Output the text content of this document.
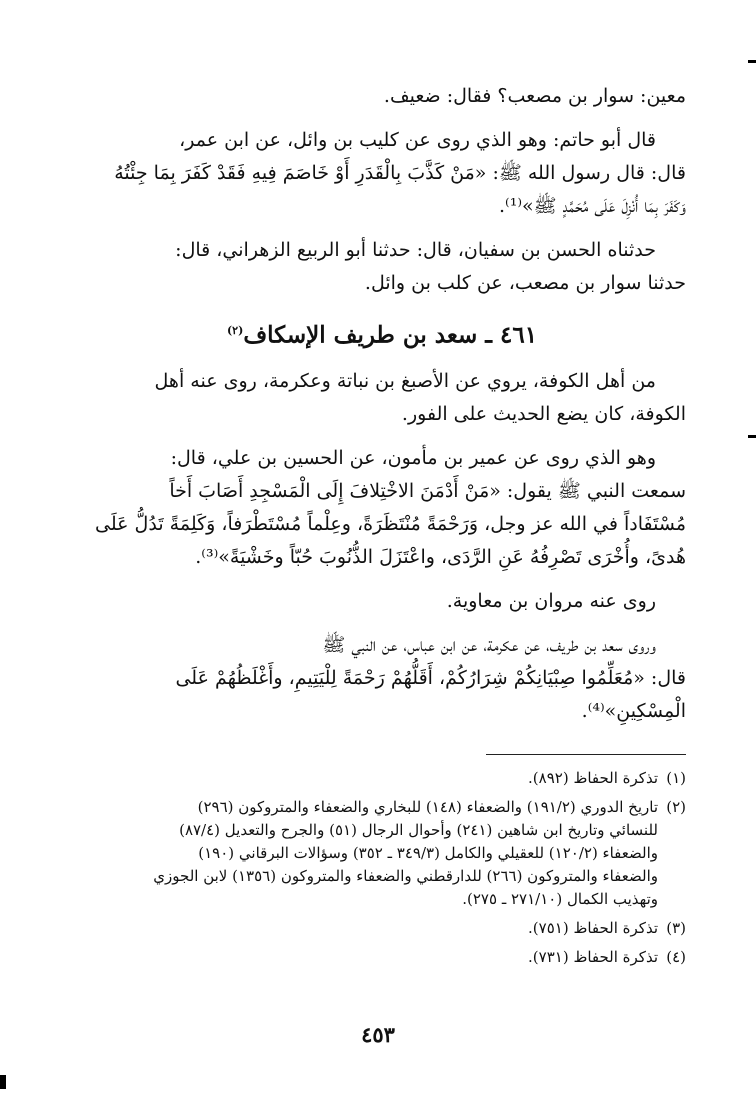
معين: سوار بن مصعب؟ فقال: ضعيف.
قال أبو حاتم: وهو الذي روى عن كليب بن وائل، عن ابن عمر،
قال: قال رسول الله ﷺ: «مَنْ كَذَّبَ بِالْقَدَرِ أَوْ خَاصَمَ فِيهِ فَقَدْ كَفَرَ بِمَا جِئْتُهُ
وَكَفَرَ بِمَا أُنْزِلَ عَلَى مُحَمَّدٍ ﷺ»⁽¹⁾.
حدثناه الحسن بن سفيان، قال: حدثنا أبو الربيع الزهراني، قال:
حدثنا سوار بن مصعب، عن كلب بن وائل.
٤٦١ ـ سعد بن طريف الإسكاف$^{(٢)}$
من أهل الكوفة، يروي عن الأصبغ بن نباتة وعكرمة، روى عنه أهل
الكوفة، كان يضع الحديث على الفور.
وهو الذي روى عن عمير بن مأمون، عن الحسين بن علي، قال:
سمعت النبي ﷺ يقول: «مَنْ أَدْمَنَ الاخْتِلافَ إِلَى الْمَسْجِدِ أَصَابَ أَخاً
مُسْتَفَاداً في الله عز وجل، وَرَحْمَةً مُنْتَظَرَةً، وعِلْماً مُسْتَطْرَفاً، وَكَلِمَةً تَدُلُّ عَلَى
هُدىً، وأُخْرَى تَصْرِفُهُ عَنِ الرَّدَى، واعْتَزَلَ الذُّنُوبَ حُبّاً وخَشْيَةً»⁽³⁾.
روى عنه مروان بن معاوية.
وروى سعد بن طريف، عن عكرمة، عن ابن عباس، عن النبي ﷺ
قال: «مُعَلِّمُوا صِبْيَانِكُمْ شِرَارُكُمْ، أَقَلُّهُمْ رَحْمَةً لِلْيَتِيمِ، وأَغْلَظُهُمْ عَلَى
الْمِسْكِينِ»⁽⁴⁾.
(١)
تذكرة الحفاظ (٨٩٢).
(٢)
تاريخ الدوري (١٩١/٢) والضعفاء (١٤٨) للبخاري والضعفاء والمتروكون (٢٩٦)
للنسائي وتاريخ ابن شاهين (٢٤١) وأحوال الرجال (٥١) والجرح والتعديل (٨٧/٤)
والضعفاء (١٢٠/٢) للعقيلي والكامل (٣٤٩/٣ ـ ٣٥٢) وسؤالات البرقاني (١٩٠)
والضعفاء والمتروكون (٢٦٦) للدارقطني والضعفاء والمتروكون (١٣٥٦) لابن الجوزي
وتهذيب الكمال (٢٧١/١٠ ـ ٢٧٥).
(٣)
تذكرة الحفاظ (٧٥١).
(٤)
تذكرة الحفاظ (٧٣١).
٤٥٣
